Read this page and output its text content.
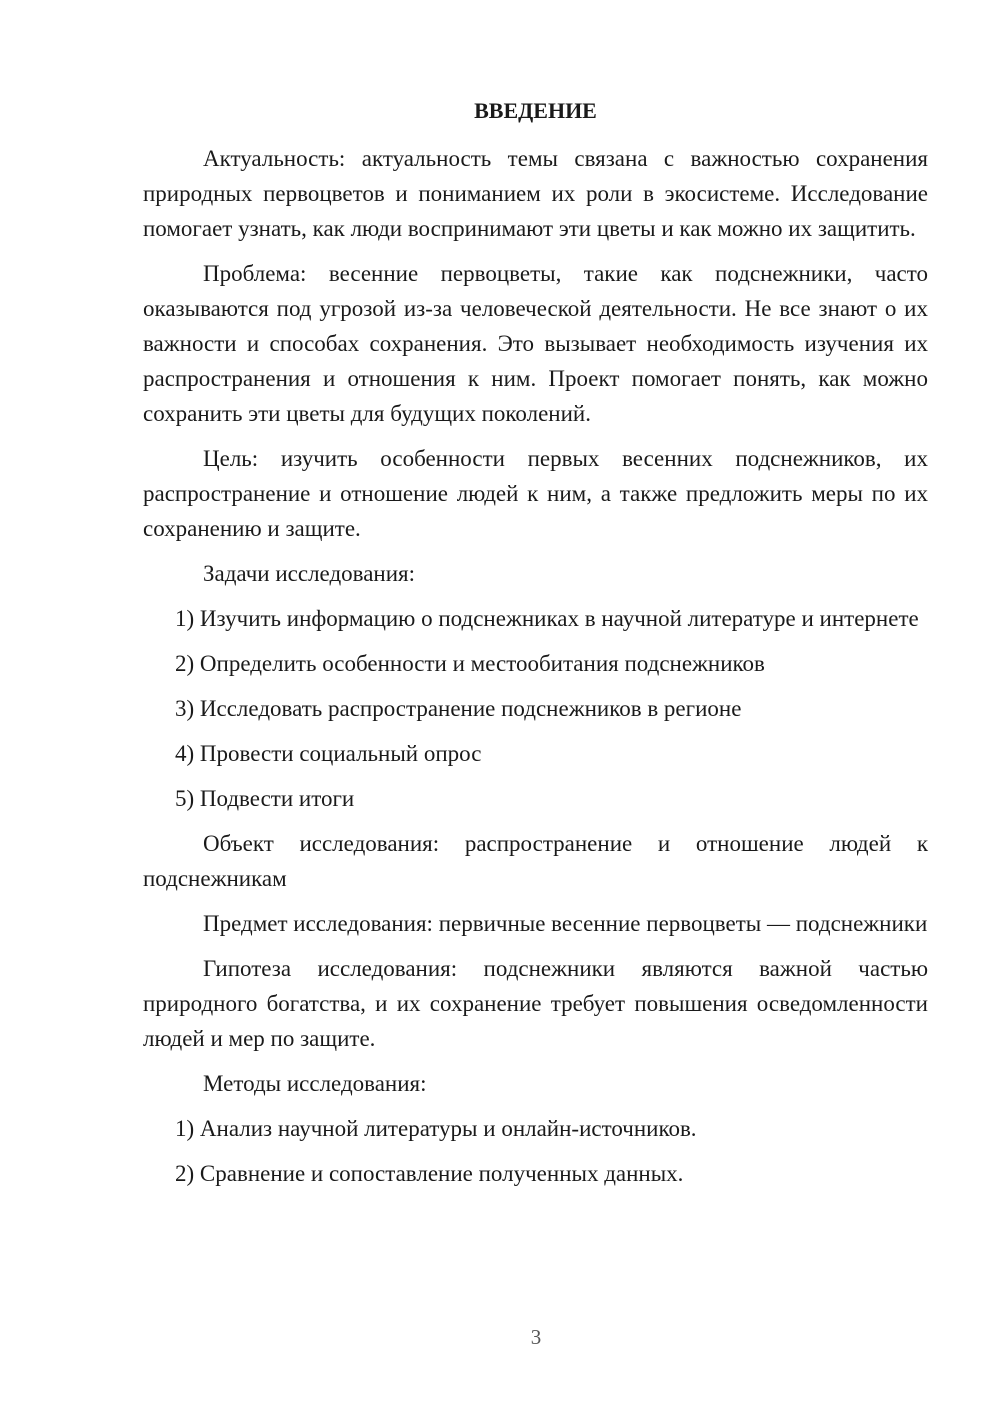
ВВЕДЕНИЕ

Актуальность: актуальность темы связана с важностью сохранения природных первоцветов и пониманием их роли в экосистеме. Исследование помогает узнать, как люди воспринимают эти цветы и как можно их защитить.

Проблема: весенние первоцветы, такие как подснежники, часто оказываются под угрозой из-за человеческой деятельности. Не все знают о их важности и способах сохранения. Это вызывает необходимость изучения их распространения и отношения к ним. Проект помогает понять, как можно сохранить эти цветы для будущих поколений.

Цель: изучить особенности первых весенних подснежников, их распространение и отношение людей к ним, а также предложить меры по их сохранению и защите.

Задачи исследования:

1) Изучить информацию о подснежниках в научной литературе и интернете

2) Определить особенности и местообитания подснежников

3) Исследовать распространение подснежников в регионе

4) Провести социальный опрос

5) Подвести итоги

Объект исследования: распространение и отношение людей к подснежникам

Предмет исследования: первичные весенние первоцветы — подснежники

Гипотеза исследования: подснежники являются важной частью природного богатства, и их сохранение требует повышения осведомленности людей и мер по защите.

Методы исследования:

1) Анализ научной литературы и онлайн-источников.

2) Сравнение и сопоставление полученных данных.

3
